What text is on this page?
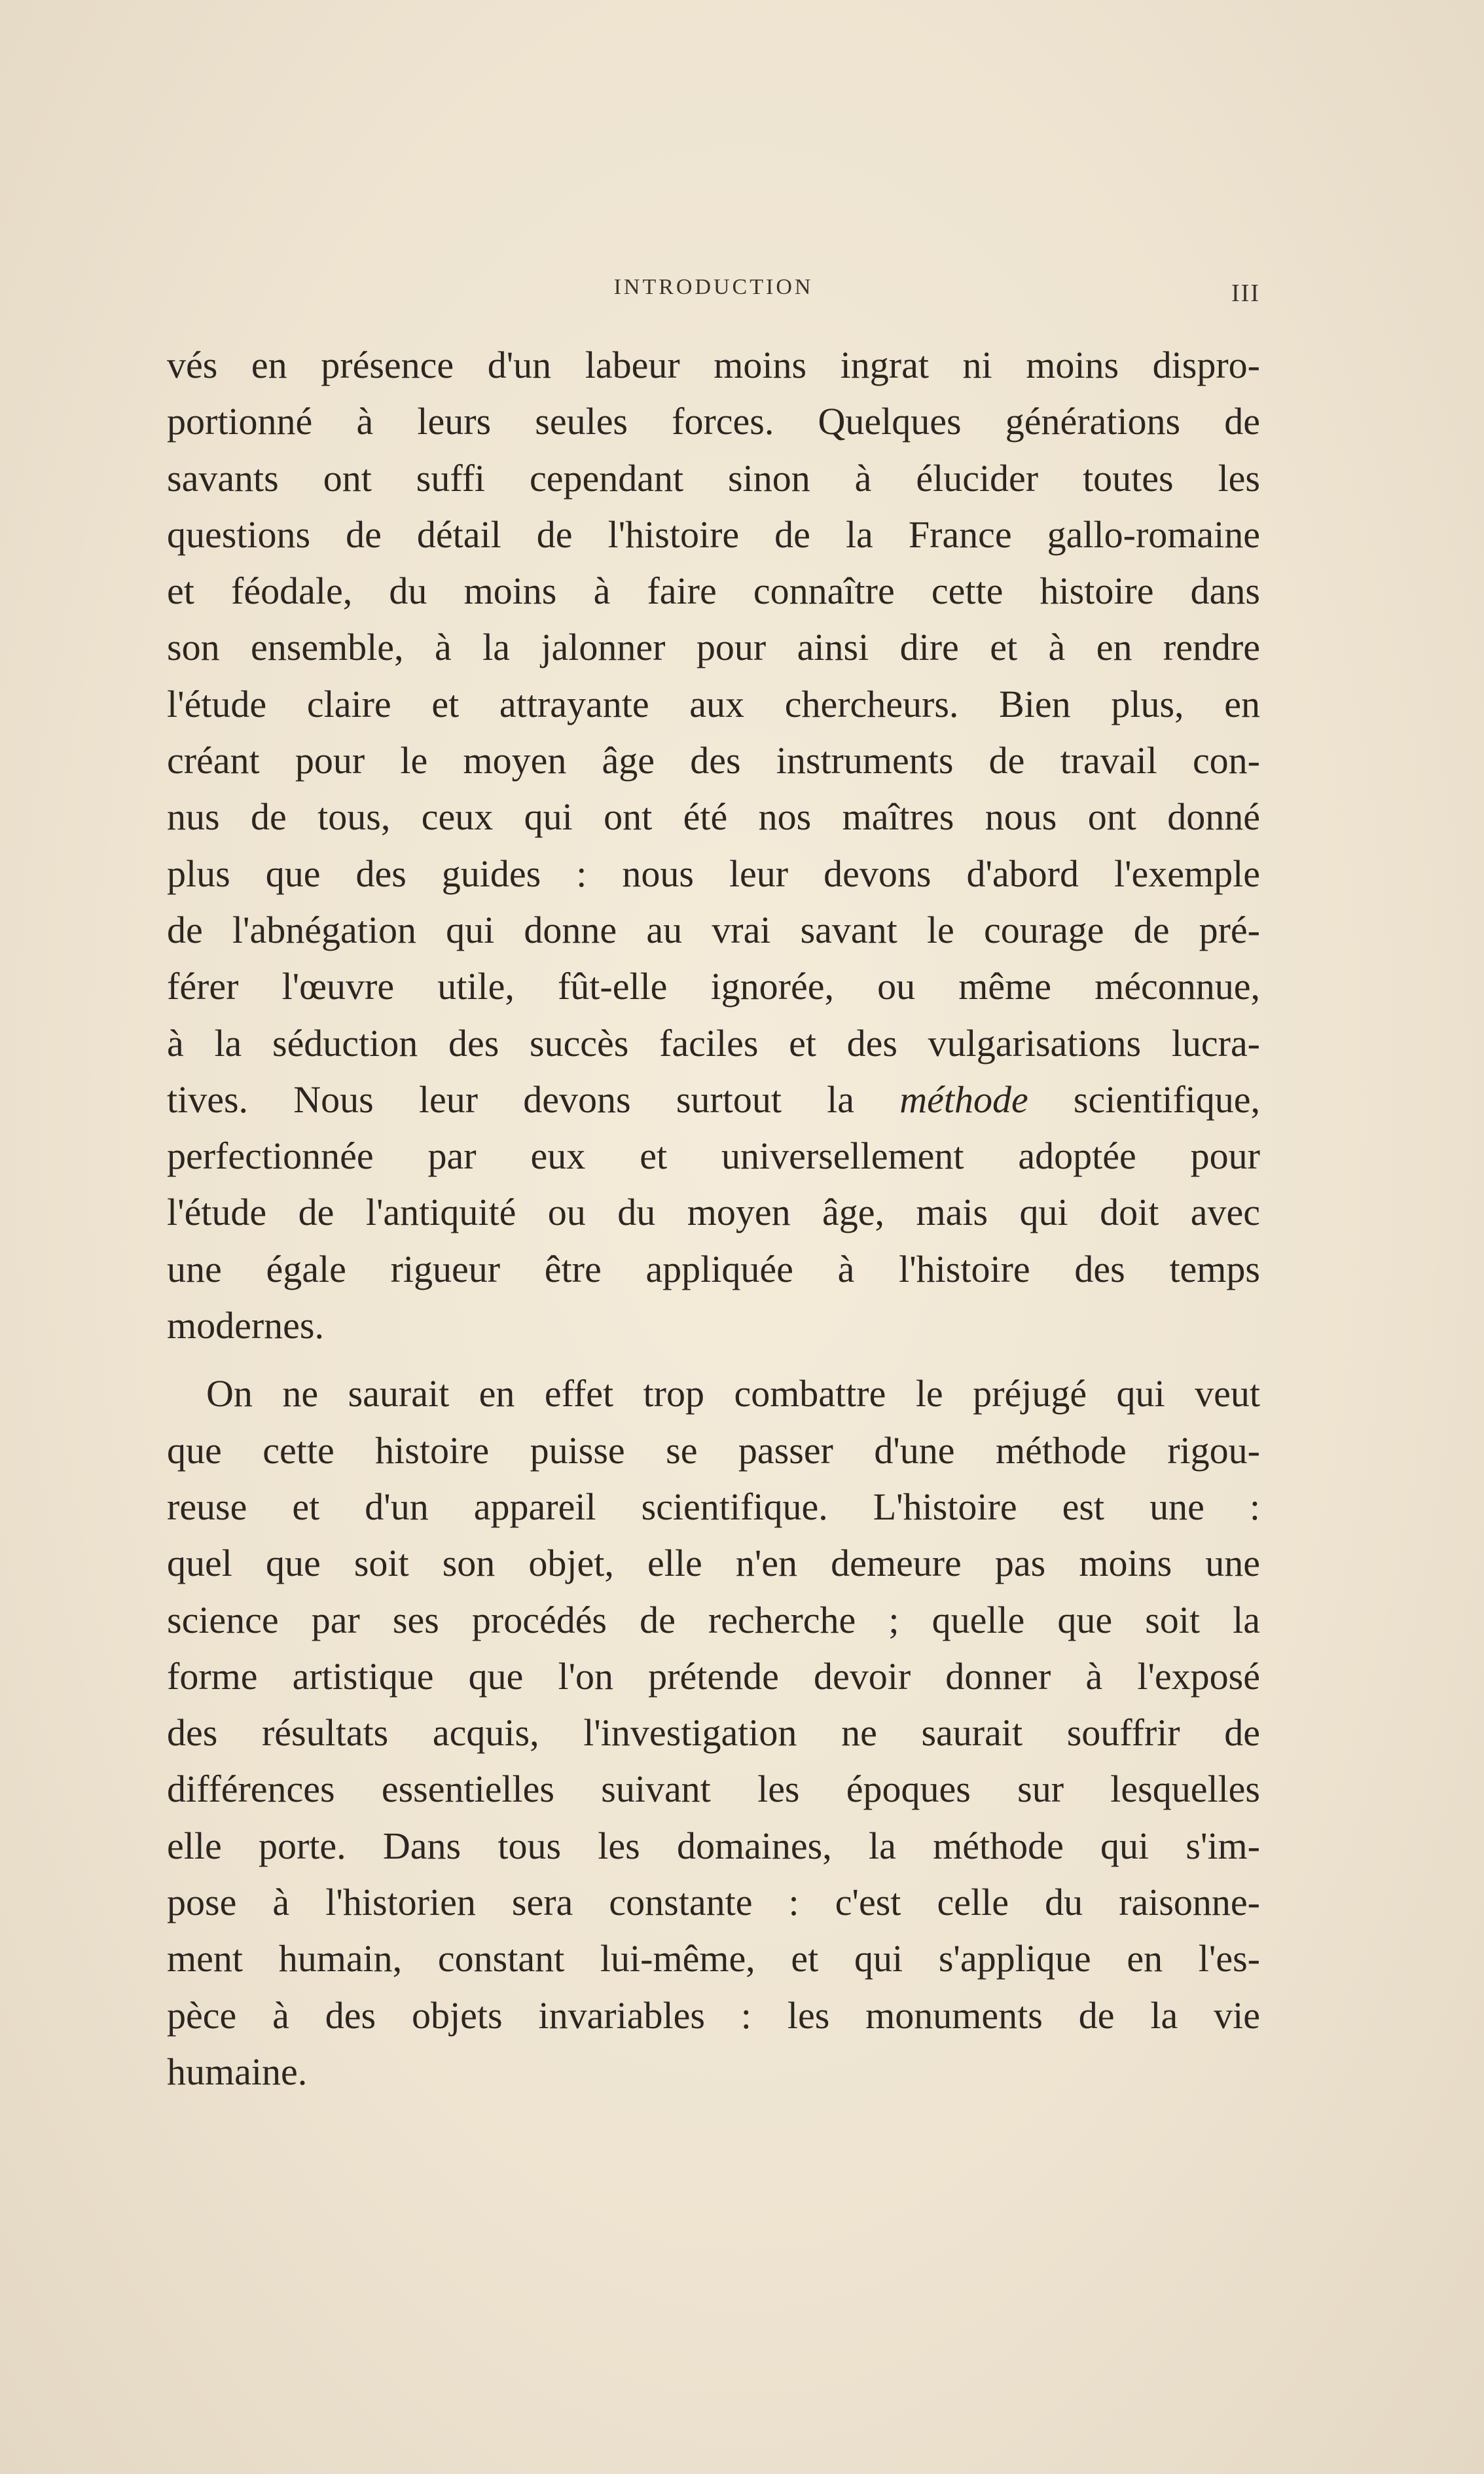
INTRODUCTION	III
vés en présence d'un labeur moins ingrat ni moins dispro-
portionné à leurs seules forces. Quelques générations de
savants ont suffi cependant sinon à élucider toutes les
questions de détail de l'histoire de la France gallo-romaine
et féodale, du moins à faire connaître cette histoire dans
son ensemble, à la jalonner pour ainsi dire et à en rendre
l'étude claire et attrayante aux chercheurs. Bien plus, en
créant pour le moyen âge des instruments de travail con-
nus de tous, ceux qui ont été nos maîtres nous ont donné
plus que des guides : nous leur devons d'abord l'exemple
de l'abnégation qui donne au vrai savant le courage de pré-
férer l'œuvre utile, fût-elle ignorée, ou même méconnue,
à la séduction des succès faciles et des vulgarisations lucra-
tives. Nous leur devons surtout la méthode scientifique,
perfectionnée par eux et universellement adoptée pour
l'étude de l'antiquité ou du moyen âge, mais qui doit avec
une égale rigueur être appliquée à l'histoire des temps
modernes.
On ne saurait en effet trop combattre le préjugé qui veut
que cette histoire puisse se passer d'une méthode rigou-
reuse et d'un appareil scientifique. L'histoire est une :
quel que soit son objet, elle n'en demeure pas moins une
science par ses procédés de recherche ; quelle que soit la
forme artistique que l'on prétende devoir donner à l'exposé
des résultats acquis, l'investigation ne saurait souffrir de
différences essentielles suivant les époques sur lesquelles
elle porte. Dans tous les domaines, la méthode qui s'im-
pose à l'historien sera constante : c'est celle du raisonne-
ment humain, constant lui-même, et qui s'applique en l'es-
pèce à des objets invariables : les monuments de la vie
humaine.
